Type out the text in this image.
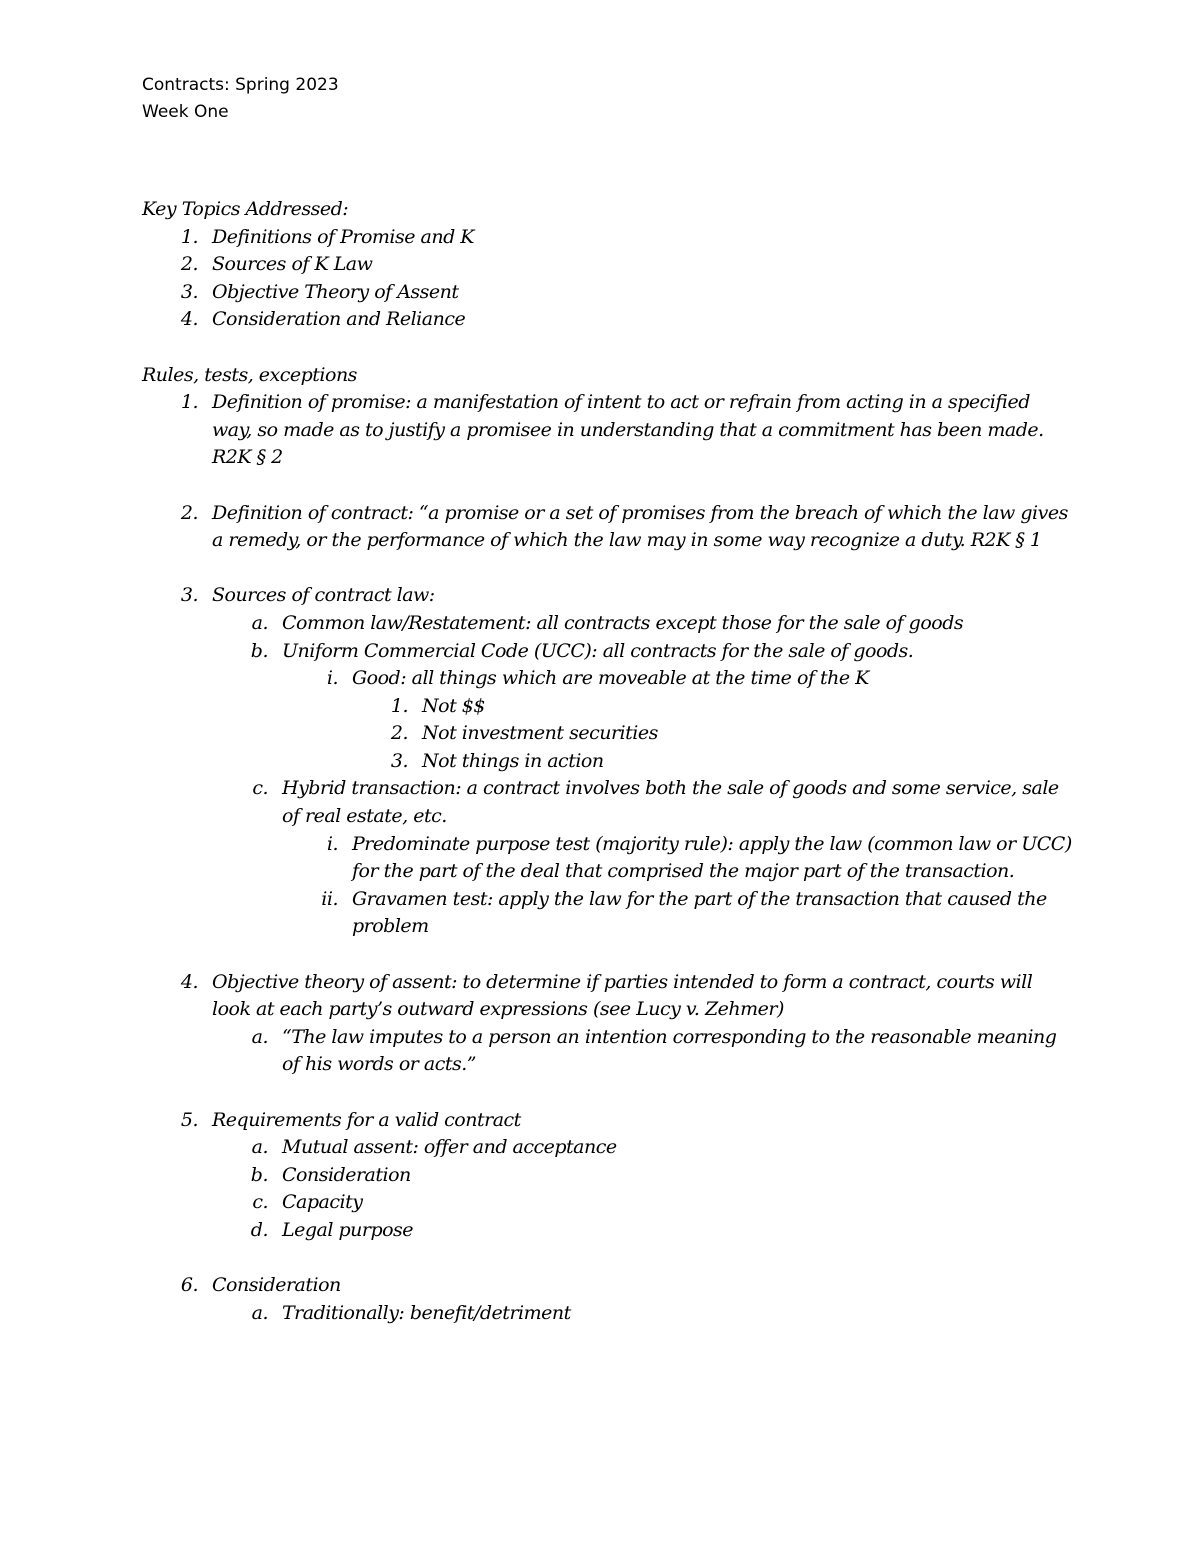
Contracts: Spring 2023
Week One

Key Topics Addressed:

1. Definitions of Promise and K
2. Sources of K Law
3. Objective Theory of Assent
4. Consideration and Reliance

Rules, tests, exceptions

1. Definition of promise: a manifestation of intent to act or refrain from acting in a specified way, so made as to justify a promisee in understanding that a commitment has been made. R2K § 2
2. Definition of contract: “a promise or a set of promises from the breach of which the law gives a remedy, or the performance of which the law may in some way recognize a duty. R2K § 1
3. Sources of contract law:
a. Common law/Restatement: all contracts except those for the sale of goods
b. Uniform Commercial Code (UCC): all contracts for the sale of goods.
i. Good: all things which are moveable at the time of the K
1. Not $$
2. Not investment securities
3. Not things in action
c. Hybrid transaction: a contract involves both the sale of goods and some service, sale of real estate, etc.
i. Predominate purpose test (majority rule): apply the law (common law or UCC) for the part of the deal that comprised the major part of the transaction.
ii. Gravamen test: apply the law for the part of the transaction that caused the problem
4. Objective theory of assent: to determine if parties intended to form a contract, courts will look at each party’s outward expressions (see Lucy v. Zehmer)
a. “The law imputes to a person an intention corresponding to the reasonable meaning of his words or acts.”
5. Requirements for a valid contract
a. Mutual assent: offer and acceptance
b. Consideration
c. Capacity
d. Legal purpose
6. Consideration
a. Traditionally: benefit/detriment
